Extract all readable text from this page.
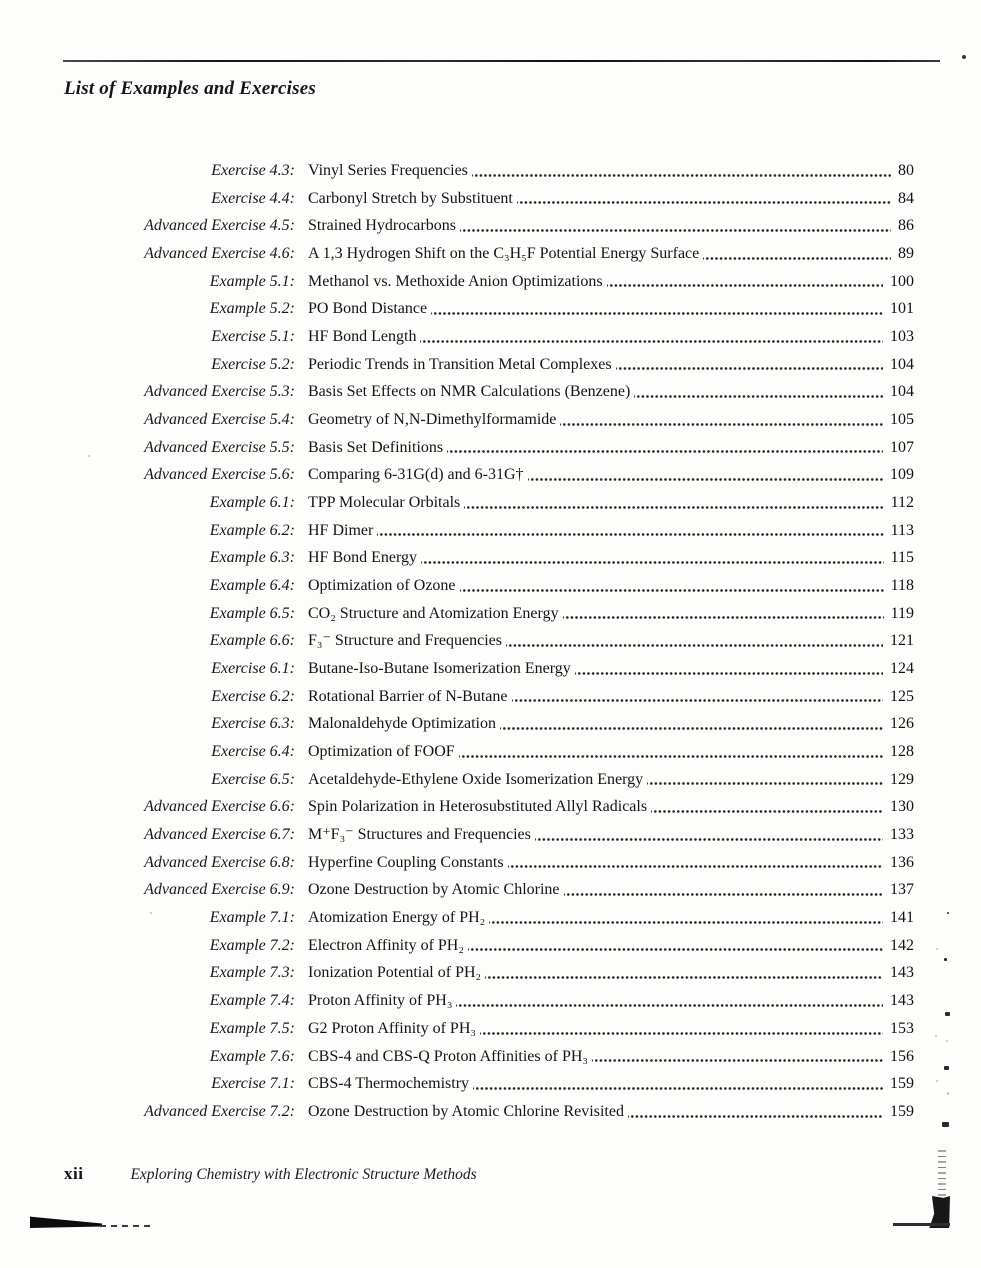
List of Examples and Exercises
Exercise 4.3: Vinyl Series Frequencies	80
Exercise 4.4: Carbonyl Stretch by Substituent	84
Advanced Exercise 4.5: Strained Hydrocarbons	86
Advanced Exercise 4.6: A 1,3 Hydrogen Shift on the C₃H₅F Potential Energy Surface	89
Example 5.1: Methanol vs. Methoxide Anion Optimizations	100
Example 5.2: PO Bond Distance	101
Exercise 5.1: HF Bond Length	103
Exercise 5.2: Periodic Trends in Transition Metal Complexes	104
Advanced Exercise 5.3: Basis Set Effects on NMR Calculations (Benzene)	104
Advanced Exercise 5.4: Geometry of N,N-Dimethylformamide	105
Advanced Exercise 5.5: Basis Set Definitions	107
Advanced Exercise 5.6: Comparing 6-31G(d) and 6-31G†	109
Example 6.1: TPP Molecular Orbitals	112
Example 6.2: HF Dimer	113
Example 6.3: HF Bond Energy	115
Example 6.4: Optimization of Ozone	118
Example 6.5: CO₂ Structure and Atomization Energy	119
Example 6.6: F₃⁻ Structure and Frequencies	121
Exercise 6.1: Butane-Iso-Butane Isomerization Energy	124
Exercise 6.2: Rotational Barrier of N-Butane	125
Exercise 6.3: Malonaldehyde Optimization	126
Exercise 6.4: Optimization of FOOF	128
Exercise 6.5: Acetaldehyde-Ethylene Oxide Isomerization Energy	129
Advanced Exercise 6.6: Spin Polarization in Heterosubstituted Allyl Radicals	130
Advanced Exercise 6.7: M⁺F₃⁻ Structures and Frequencies	133
Advanced Exercise 6.8: Hyperfine Coupling Constants	136
Advanced Exercise 6.9: Ozone Destruction by Atomic Chlorine	137
Example 7.1: Atomization Energy of PH₂	141
Example 7.2: Electron Affinity of PH₂	142
Example 7.3: Ionization Potential of PH₂	143
Example 7.4: Proton Affinity of PH₃	143
Example 7.5: G2 Proton Affinity of PH₃	153
Example 7.6: CBS-4 and CBS-Q Proton Affinities of PH₃	156
Exercise 7.1: CBS-4 Thermochemistry	159
Advanced Exercise 7.2: Ozone Destruction by Atomic Chlorine Revisited	159
xii	Exploring Chemistry with Electronic Structure Methods
